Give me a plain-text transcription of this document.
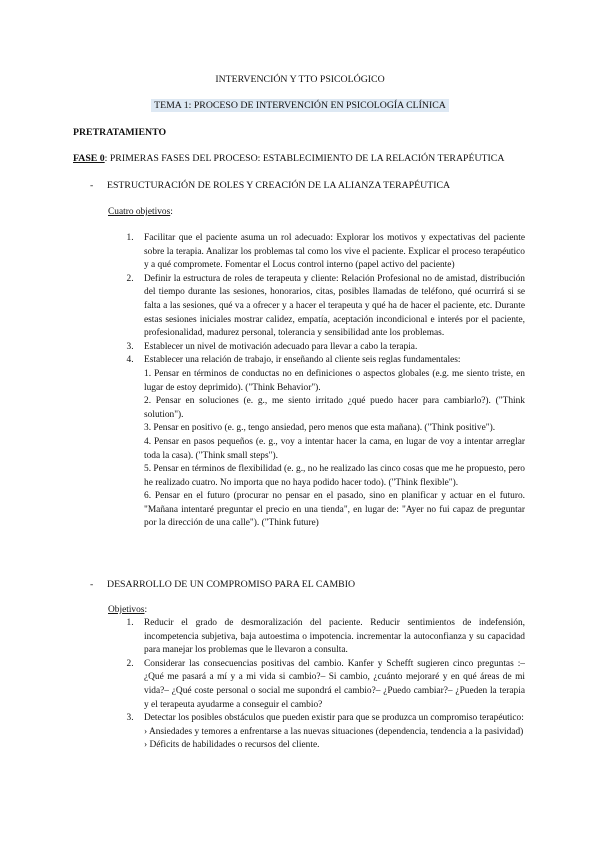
INTERVENCIÓN Y TTO PSICOLÓGICO
TEMA 1: PROCESO DE INTERVENCIÓN EN PSICOLOGÍA CLÍNICA
PRETRATAMIENTO
FASE 0: PRIMERAS FASES DEL PROCESO: ESTABLECIMIENTO DE LA RELACIÓN TERAPÉUTICA
- ESTRUCTURACIÓN DE ROLES Y CREACIÓN DE LA ALIANZA TERAPÉUTICA
Cuatro objetivos:
1. Facilitar que el paciente asuma un rol adecuado: Explorar los motivos y expectativas del paciente sobre la terapia. Analizar los problemas tal como los vive el paciente. Explicar el proceso terapéutico y a qué compromete. Fomentar el Locus control interno (papel activo del paciente)
2. Definir la estructura de roles de terapeuta y cliente: Relación Profesional no de amistad, distribución del tiempo durante las sesiones, honorarios, citas, posibles llamadas de teléfono, qué ocurrirá si se falta a las sesiones, qué va a ofrecer y a hacer el terapeuta y qué ha de hacer el paciente, etc. Durante estas sesiones iniciales mostrar calidez, empatía, aceptación incondicional e interés por el paciente, profesionalidad, madurez personal, tolerancia y sensibilidad ante los problemas.
3. Establecer un nivel de motivación adecuado para llevar a cabo la terapia.
4. Establecer una relación de trabajo, ir enseñando al cliente seis reglas fundamentales:
1. Pensar en términos de conductas no en definiciones o aspectos globales (e.g. me siento triste, en lugar de estoy deprimido). ("Think Behavior").
2. Pensar en soluciones (e. g., me siento irritado ¿qué puedo hacer para cambiarlo?). ("Think solution").
3. Pensar en positivo (e. g., tengo ansiedad, pero menos que esta mañana). ("Think positive").
4. Pensar en pasos pequeños (e. g., voy a intentar hacer la cama, en lugar de voy a intentar arreglar toda la casa). ("Think small steps").
5. Pensar en términos de flexibilidad (e. g., no he realizado las cinco cosas que me he propuesto, pero he realizado cuatro. No importa que no haya podido hacer todo). ("Think flexible").
6. Pensar en el futuro (procurar no pensar en el pasado, sino en planificar y actuar en el futuro. "Mañana intentaré preguntar el precio en una tienda", en lugar de: "Ayer no fui capaz de preguntar por la dirección de una calle"). ("Think future)
- DESARROLLO DE UN COMPROMISO PARA EL CAMBIO
Objetivos:
1. Reducir el grado de desmoralización del paciente. Reducir sentimientos de indefensión, incompetencia subjetiva, baja autoestima o impotencia. incrementar la autoconfianza y su capacidad para manejar los problemas que le llevaron a consulta.
2. Considerar las consecuencias positivas del cambio. Kanfer y Schefft sugieren cinco preguntas :– ¿Qué me pasará a mí y a mi vida si cambio?– Si cambio, ¿cuánto mejoraré y en qué áreas de mi vida?– ¿Qué coste personal o social me supondrá el cambio?– ¿Puedo cambiar?– ¿Pueden la terapia y el terapeuta ayudarme a conseguir el cambio?
3. Detectar los posibles obstáculos que pueden existir para que se produzca un compromiso terapéutico:
› Ansiedades y temores a enfrentarse a las nuevas situaciones (dependencia, tendencia a la pasividad)
› Déficits de habilidades o recursos del cliente.
